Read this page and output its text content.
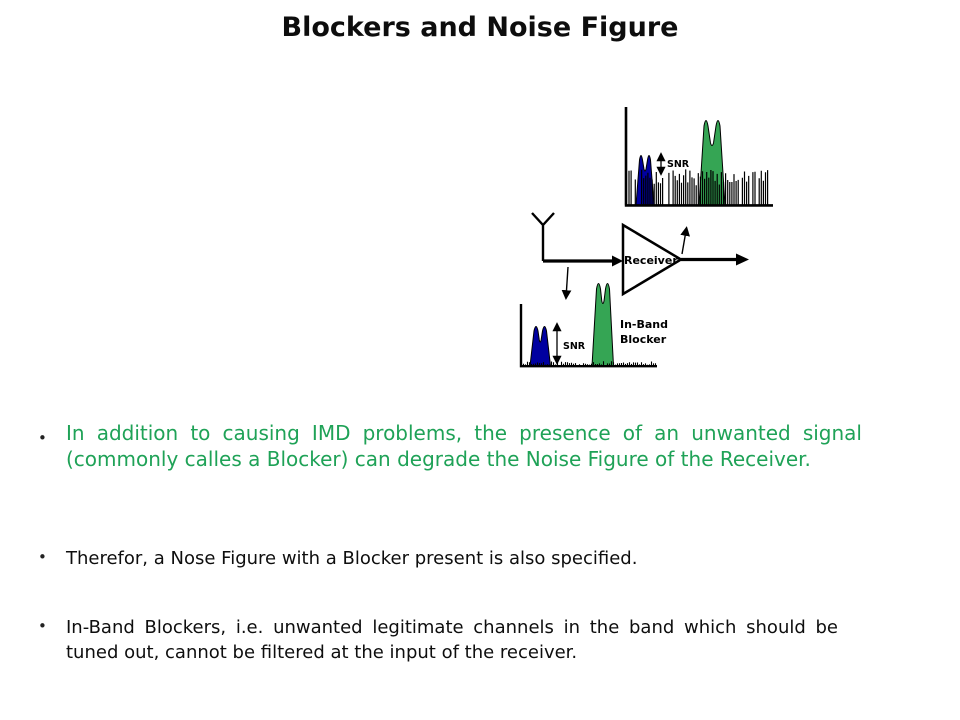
Blockers and Noise Figure
SNR
Receiver
SNR
In-Band
Blocker
• In addition to causing IMD problems, the presence of an unwanted signal (commonly calles a Blocker) can degrade the Noise Figure of the Receiver.
• Therefor, a Nose Figure with a Blocker present is also specified.
• In-Band Blockers, i.e. unwanted legitimate channels in the band which should be tuned out, cannot be filtered at the input of the receiver.
